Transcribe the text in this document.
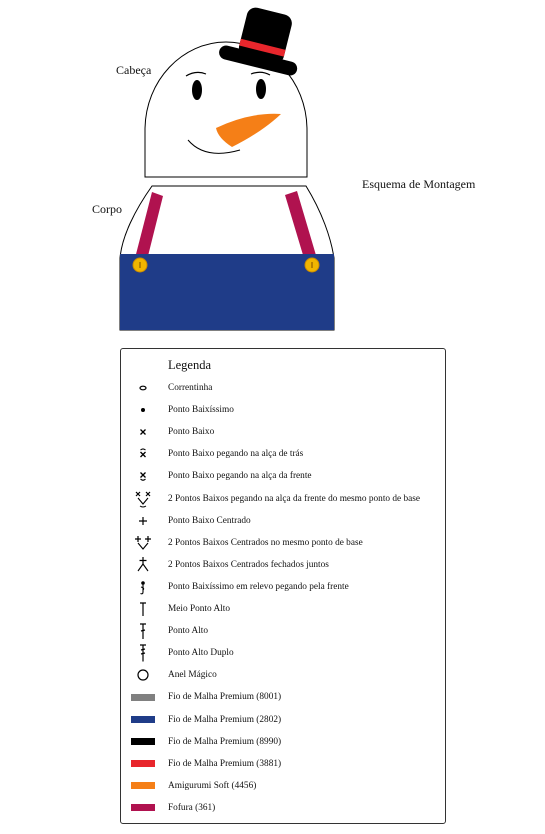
Cabeça
Corpo
Esquema de Montagem
Legenda
Correntinha
Ponto Baixíssimo
Ponto Baixo
Ponto Baixo pegando na alça de trás
Ponto Baixo pegando na alça da frente
2 Pontos Baixos pegando na alça da frente do mesmo ponto de base
Ponto Baixo Centrado
2 Pontos Baixos Centrados no mesmo ponto de base
2 Pontos Baixos Centrados fechados juntos
Ponto Baixíssimo em relevo pegando pela frente
Meio Ponto Alto
Ponto Alto
Ponto Alto Duplo
Anel Mágico
Fio de Malha Premium (8001)
Fio de Malha Premium (2802)
Fio de Malha Premium (8990)
Fio de Malha Premium (3881)
Amigurumi Soft (4456)
Fofura (361)
